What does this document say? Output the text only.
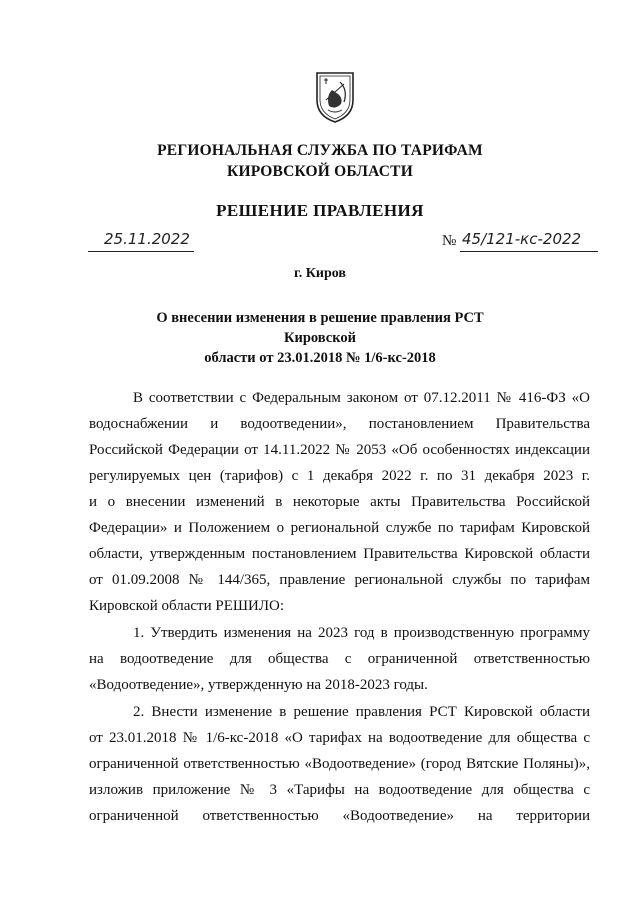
РЕГИОНАЛЬНАЯ СЛУЖБА ПО ТАРИФАМ
КИРОВСКОЙ ОБЛАСТИ
РЕШЕНИЕ ПРАВЛЕНИЯ
25.11.2022	№ 45/121-кс-2022
г. Киров
О внесении изменения в решение правления РСТ Кировской
области от 23.01.2018 № 1/6-кс-2018
В соответствии с Федеральным законом от 07.12.2011 № 416-ФЗ «О
водоснабжении и водоотведении», постановлением Правительства
Российской Федерации от 14.11.2022 № 2053 «Об особенностях индексации
регулируемых цен (тарифов) с 1 декабря 2022 г. по 31 декабря 2023 г.
и о внесении изменений в некоторые акты Правительства Российской
Федерации» и Положением о региональной службе по тарифам Кировской
области, утвержденным постановлением Правительства Кировской области
от 01.09.2008 № 144/365, правление региональной службы по тарифам
Кировской области РЕШИЛО:
1. Утвердить изменения на 2023 год в производственную программу
на водоотведение для общества с ограниченной ответственностью
«Водоотведение», утвержденную на 2018-2023 годы.
2. Внести изменение в решение правления РСТ Кировской области
от 23.01.2018 № 1/6-кс-2018 «О тарифах на водоотведение для общества с
ограниченной ответственностью «Водоотведение» (город Вятские Поляны)»,
изложив приложение № 3 «Тарифы на водоотведение для общества с
ограниченной ответственностью «Водоотведение» на территории
